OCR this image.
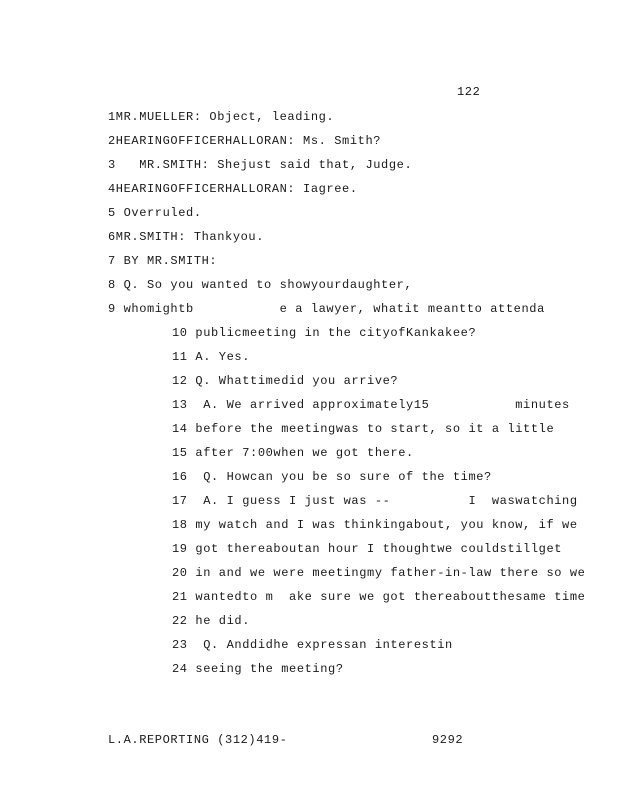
122
1MR.MUELLER: Object, leading.
2HEARINGOFFICERHALLORAN: Ms. Smith?
3   MR.SMITH: Shejust said that, Judge.
4HEARINGOFFICERHALLORAN: Iagree.
5 Overruled.
6MR.SMITH: Thankyou.
7 BY MR.SMITH:
8 Q. So you wanted to showyourdaughter,
9 whomightb           e a lawyer, whatit meantto attenda
10 publicmeeting in the cityofKankakee?
11 A. Yes.
12 Q. Whattimedid you arrive?
13  A. We arrived approximately15           minutes
14 before the meetingwas to start, so it a little
15 after 7:00when we got there.
16  Q. Howcan you be so sure of the time?
17  A. I guess I just was --          I  waswatching
18 my watch and I was thinkingabout, you know, if we
19 got thereaboutan hour I thoughtwe couldstillget
20 in and we were meetingmy father-in-law there so we
21 wantedto m  ake sure we got thereaboutthesame time
22 he did.
23  Q. Anddidhe expressan interestin
24 seeing the meeting?
L.A.REPORTING (312)419-	9292
